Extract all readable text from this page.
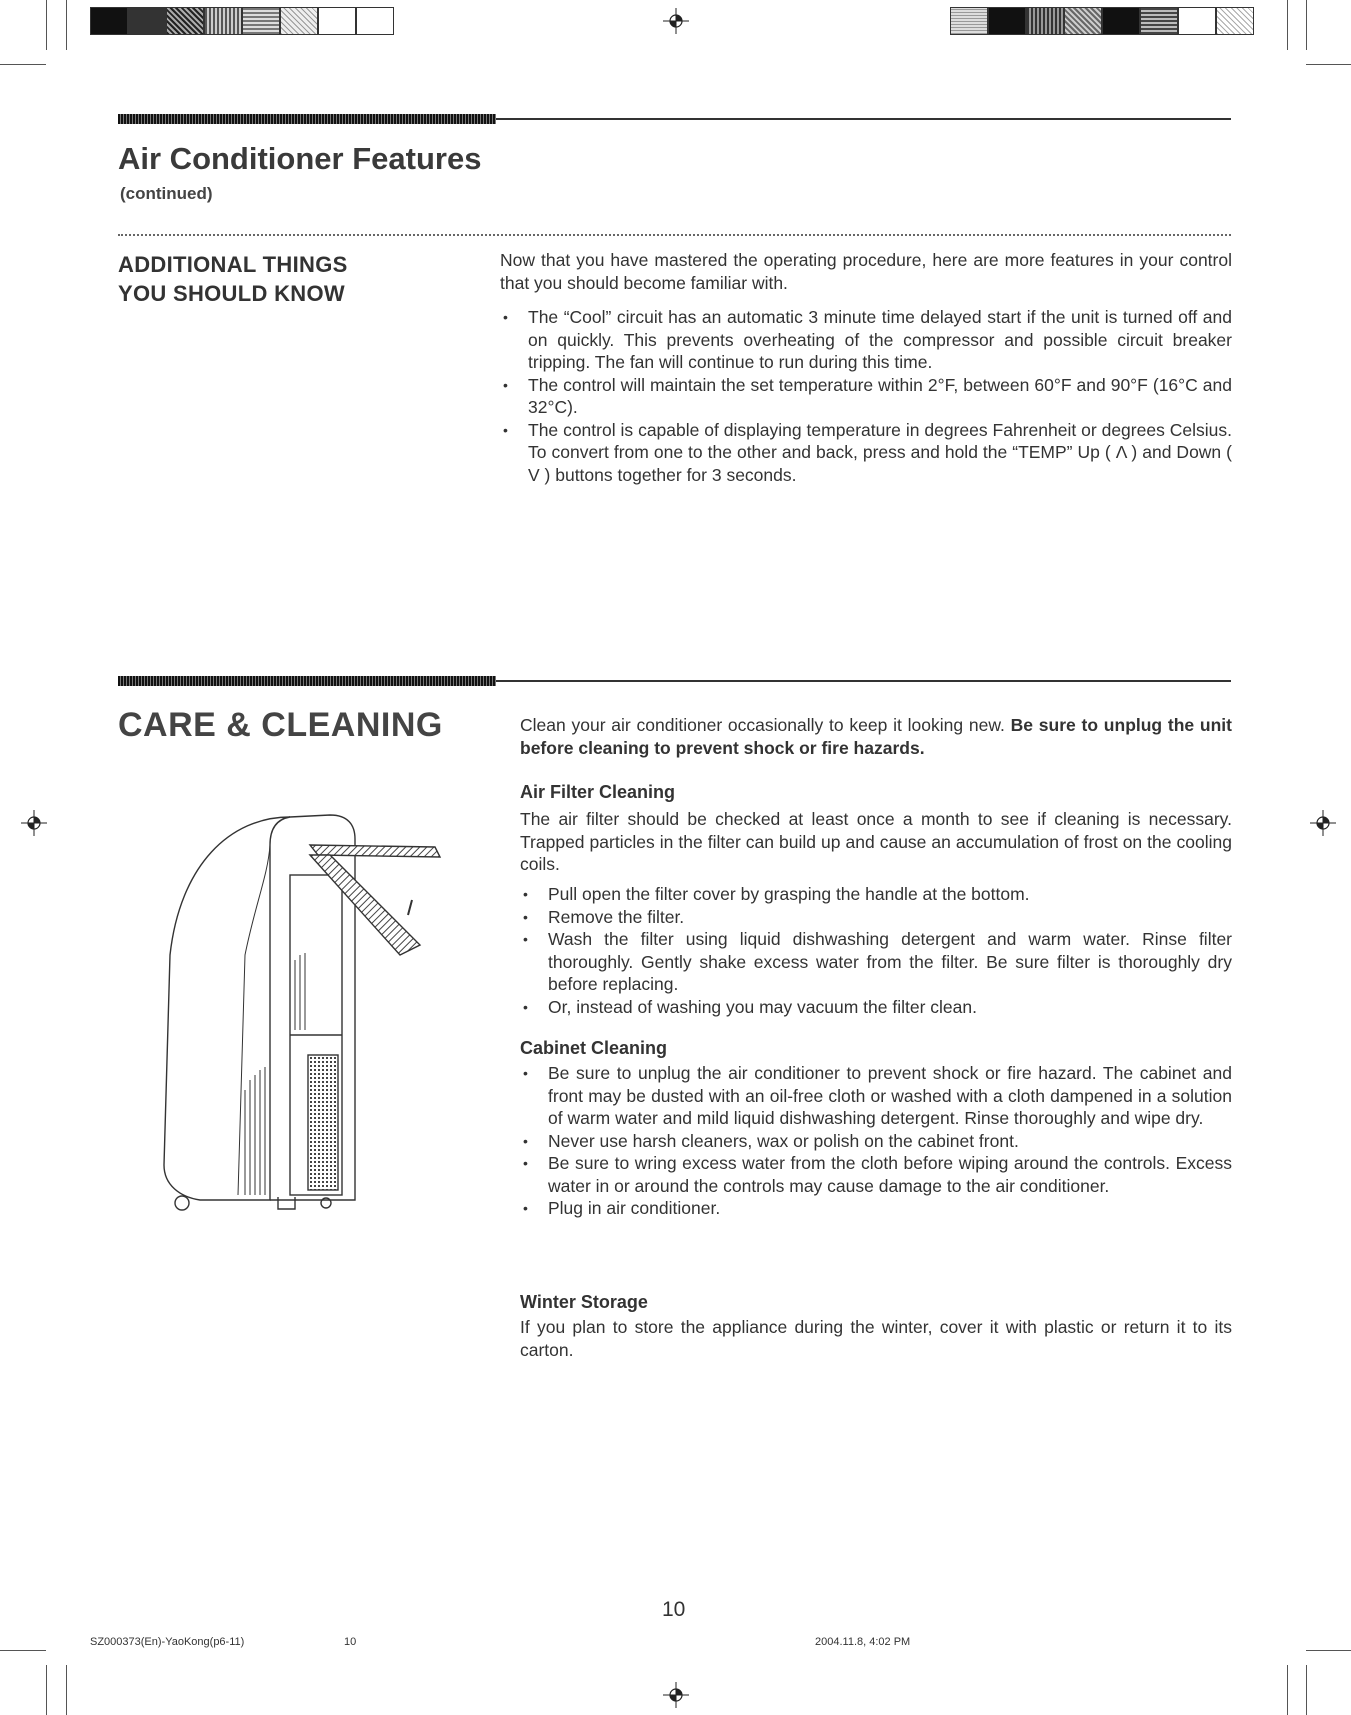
Air Conditioner Features
(continued)
ADDITIONAL THINGS
YOU SHOULD KNOW
Now that you have mastered the operating procedure, here are more features in your control that you should become familiar with.
• The “Cool” circuit has an automatic 3 minute time delayed start if the unit is turned off and on quickly. This prevents overheating of the compressor and possible circuit breaker tripping. The fan will continue to run during this time.
• The control will maintain the set temperature within 2°F, between 60°F and 90°F (16°C and 32°C).
• The control is capable of displaying temperature in degrees Fahrenheit or degrees Celsius. To convert from one to the other and back, press and hold the “TEMP” Up ( Λ ) and Down ( V ) buttons together for 3 seconds.
CARE & CLEANING	Clean your air conditioner occasionally to keep it looking new. Be sure to unplug the unit before cleaning to prevent shock or fire hazards.
Air Filter Cleaning
The air filter should be checked at least once a month to see if cleaning is necessary. Trapped particles in the filter can build up and cause an accumulation of frost on the cooling coils.
• Pull open the filter cover by grasping the handle at the bottom.
• Remove the filter.
• Wash the filter using liquid dishwashing detergent and warm water. Rinse filter thoroughly. Gently shake excess water from the filter. Be sure filter is thoroughly dry before replacing.
• Or, instead of washing you may vacuum the filter clean.
Cabinet Cleaning
• Be sure to unplug the air conditioner to prevent shock or fire hazard. The cabinet and front may be dusted with an oil-free cloth or washed with a cloth dampened in a solution of warm water and mild liquid dishwashing detergent. Rinse thoroughly and wipe dry.
• Never use harsh cleaners, wax or polish on the cabinet front.
• Be sure to wring excess water from the cloth before wiping around the controls. Excess water in or around the controls may cause damage to the air conditioner.
• Plug in air conditioner.
Winter Storage
If you plan to store the appliance during the winter, cover it with plastic or return it to its carton.
10
SZ000373(En)-YaoKong(p6-11)	10	2004.11.8, 4:02 PM
